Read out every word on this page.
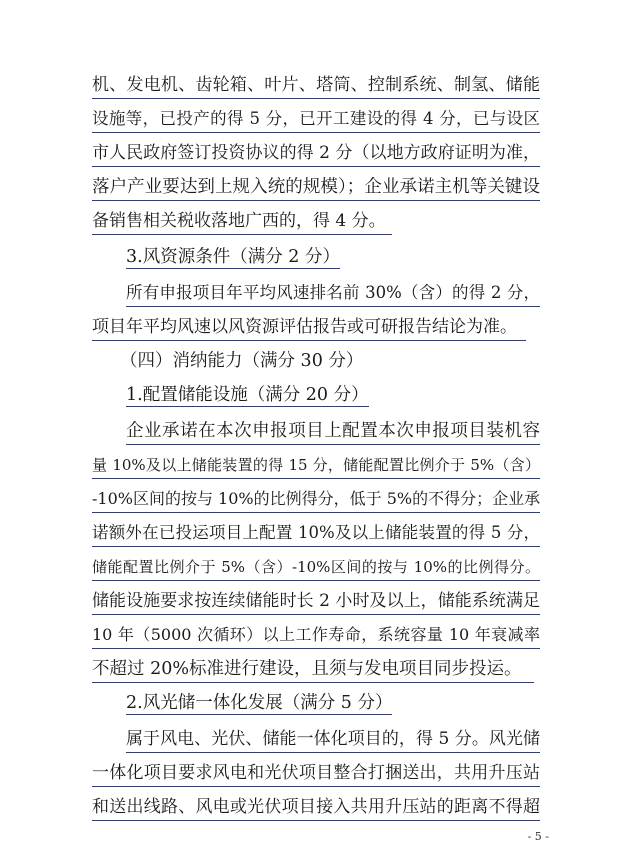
机、发电机、齿轮箱、叶片、塔筒、控制系统、制氢、储能
设施等，已投产的得 5 分，已开工建设的得 4 分，已与设区
市人民政府签订投资协议的得 2 分（以地方政府证明为准，
落户产业要达到上规入统的规模）；企业承诺主机等关键设
备销售相关税收落地广西的，得 4 分。
3.风资源条件（满分 2 分）
所有申报项目年平均风速排名前 30%（含）的得 2 分，
项目年平均风速以风资源评估报告或可研报告结论为准。
（四）消纳能力（满分 30 分）
1.配置储能设施（满分 20 分）
企业承诺在本次申报项目上配置本次申报项目装机容
量 10%及以上储能装置的得 15 分，储能配置比例介于 5%（含）
-10%区间的按与 10%的比例得分，低于 5%的不得分；企业承
诺额外在已投运项目上配置 10%及以上储能装置的得 5 分，
储能配置比例介于 5%（含）-10%区间的按与 10%的比例得分。
储能设施要求按连续储能时长 2 小时及以上，储能系统满足
10 年（5000 次循环）以上工作寿命，系统容量 10 年衰减率
不超过 20%标准进行建设，且须与发电项目同步投运。
2.风光储一体化发展（满分 5 分）
属于风电、光伏、储能一体化项目的，得 5 分。风光储
一体化项目要求风电和光伏项目整合打捆送出，共用升压站
和送出线路、风电或光伏项目接入共用升压站的距离不得超
- 5 -
